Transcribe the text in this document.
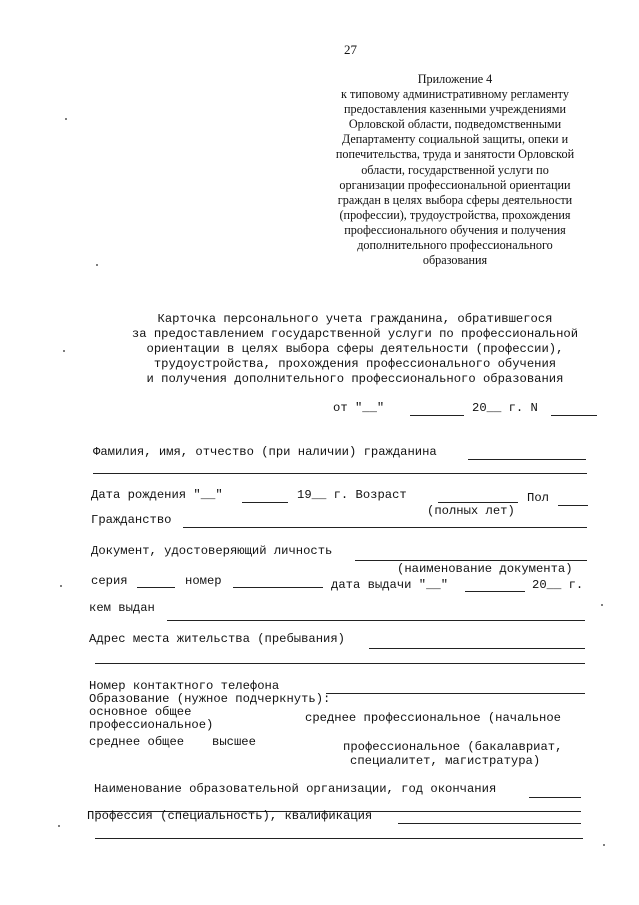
27
Приложение 4
к типовому административному регламенту
предоставления казенными учреждениями
Орловской области, подведомственными
Департаменту социальной защиты, опеки и
попечительства, труда и занятости Орловской
области, государственной услуги по
организации профессиональной ориентации
граждан в целях выбора сферы деятельности
(профессии), трудоустройства, прохождения
профессионального обучения и получения
дополнительного профессионального
образования
Карточка персонального учета гражданина, обратившегося
за предоставлением государственной услуги по профессиональной
ориентации в целях выбора сферы деятельности (профессии),
трудоустройства, прохождения профессионального обучения
и получения дополнительного профессионального образования
от "__"	20__ г. N
Фамилия, имя, отчество (при наличии) гражданина
Дата рождения "__"	19__ г. Возраст	Пол
(полных лет)
Гражданство
Документ, удостоверяющий личность
(наименование документа)
серия	номер	дата выдачи "__"	20__ г.
кем выдан
Адрес места жительства (пребывания)
Номер контактного телефона
Образование (нужное подчеркнуть):
основное общее	среднее профессиональное (начальное
профессиональное)
среднее общее высшее	профессиональное (бакалавриат,
специалитет, магистратура)
Наименование образовательной организации, год окончания
Профессия (специальность), квалификация
